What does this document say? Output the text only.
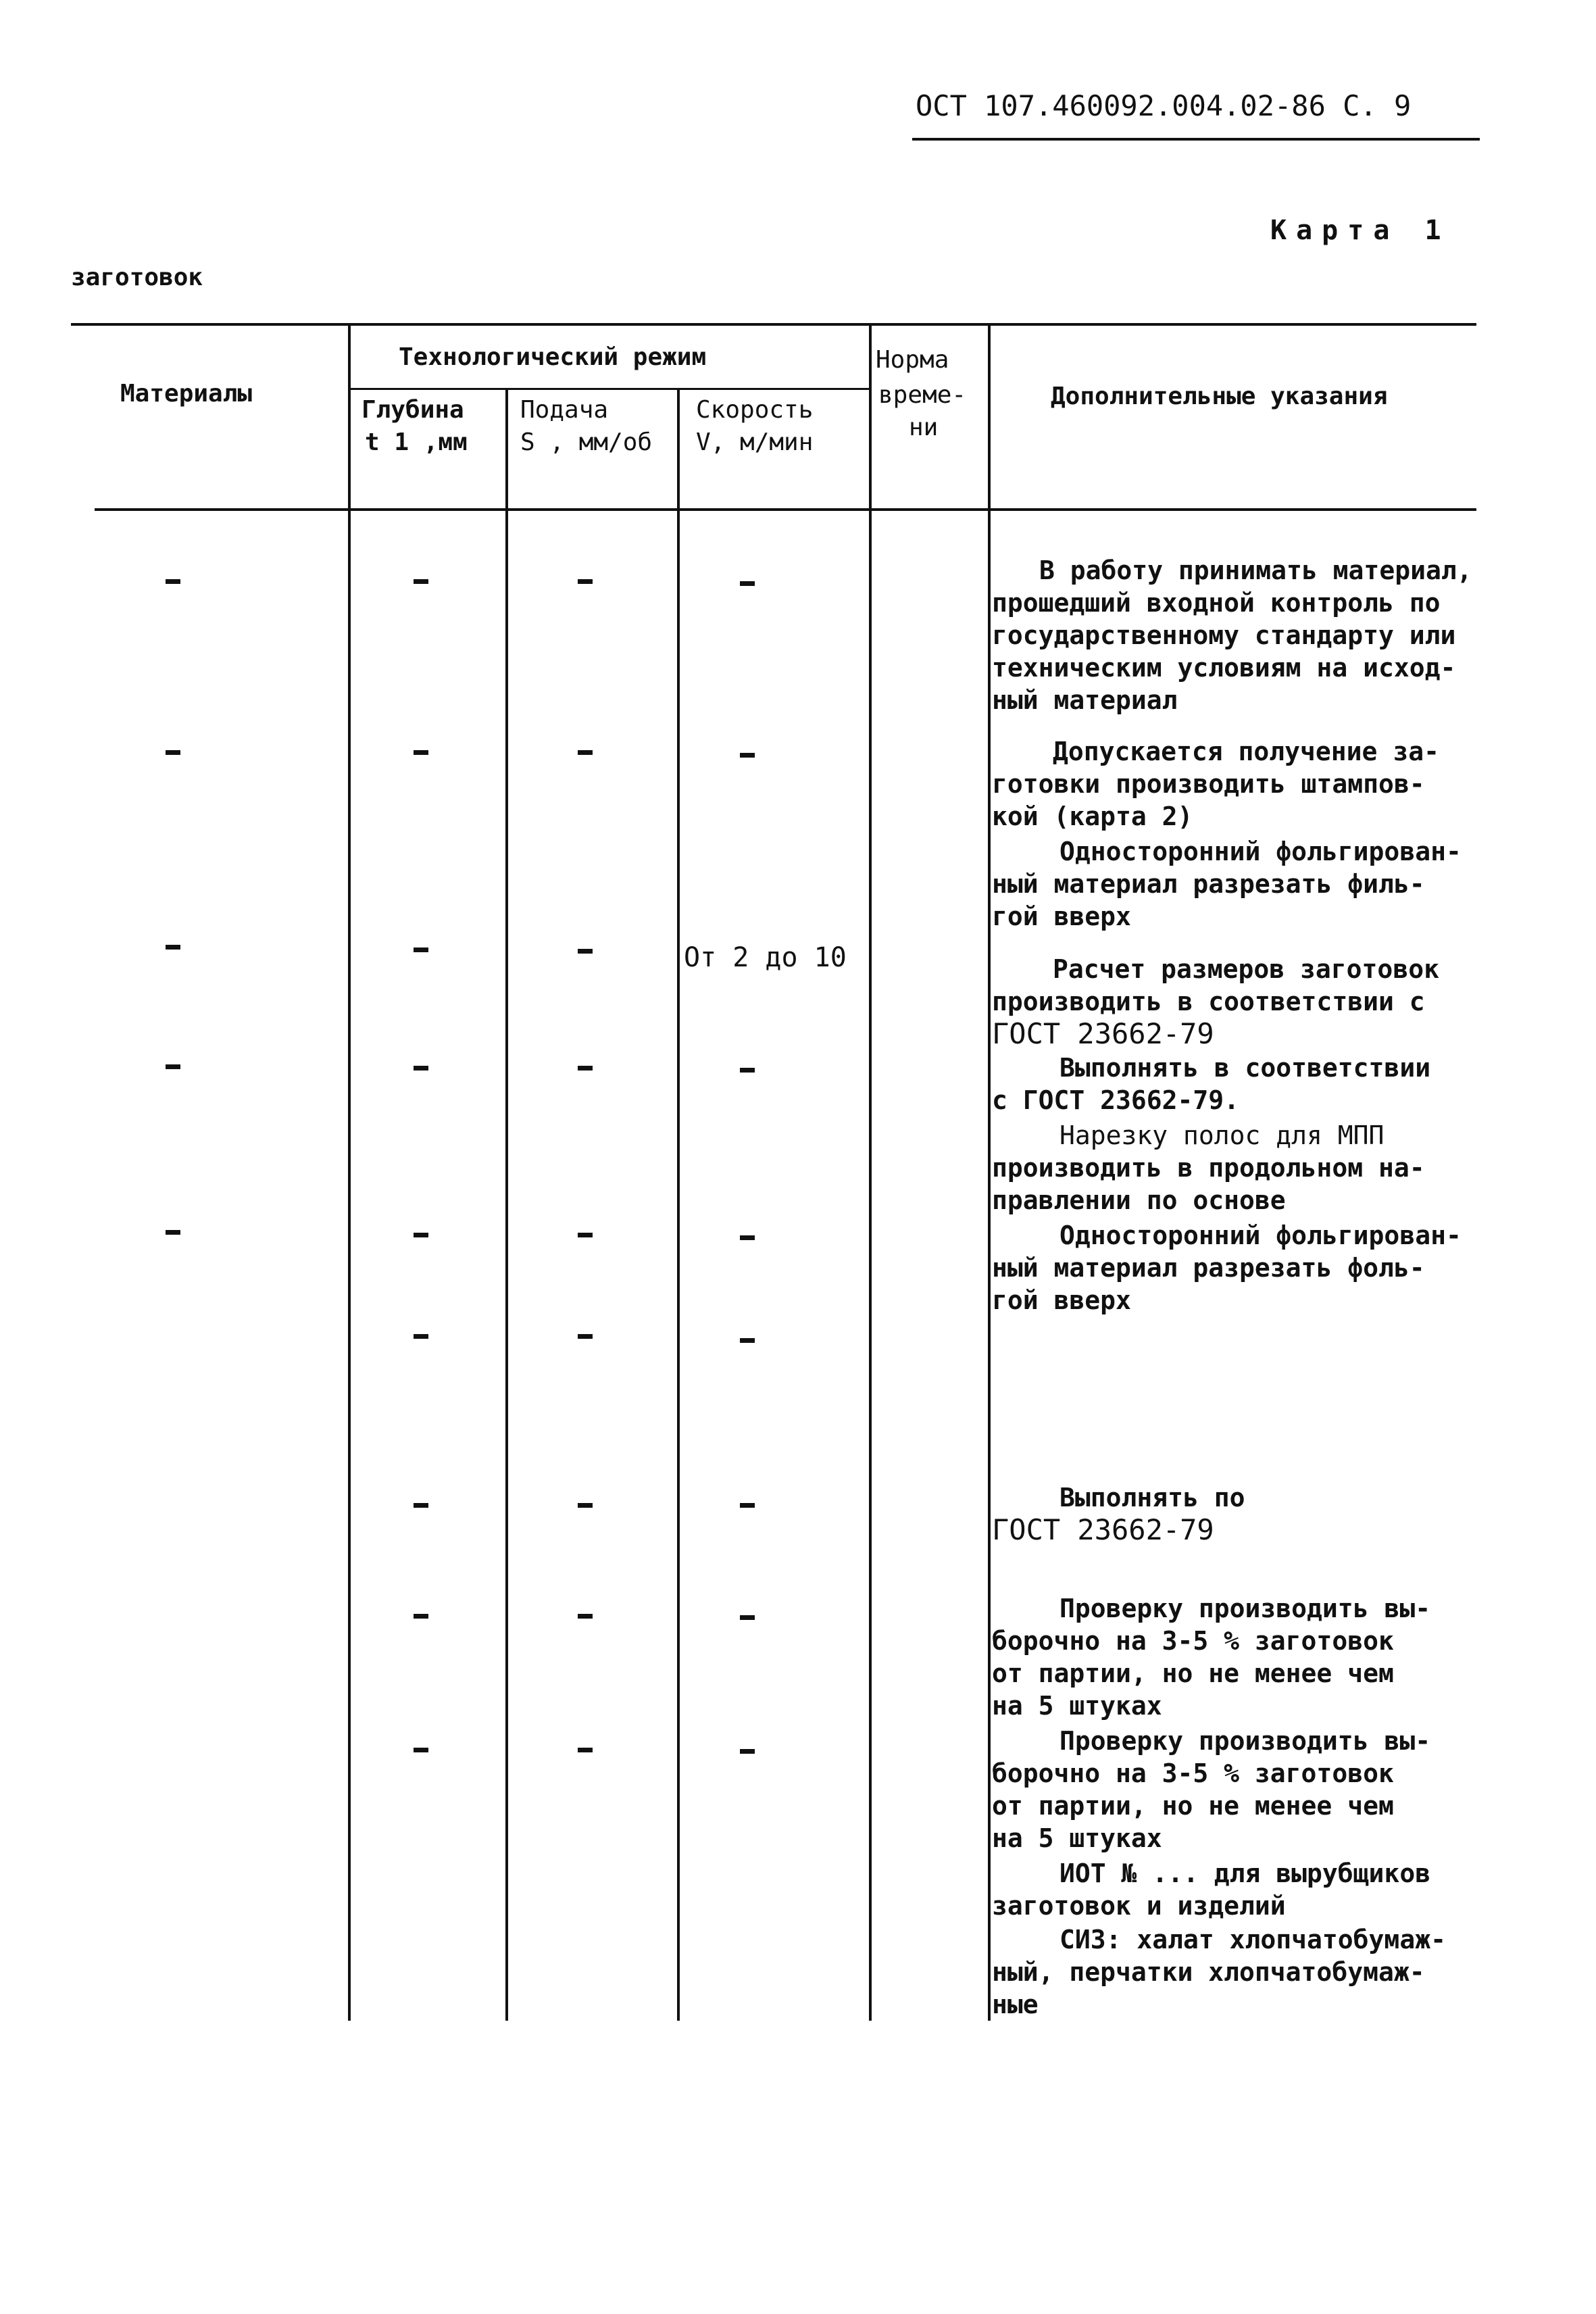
ОСТ 107.460092.004.02-86 С. 9
Карта 1
заготовок
Материалы
Технологический режим
Глубина
t 1 ,мм
Подача
S , мм/об
Скорость
V, м/мин
Норма
време-
ни
Дополнительные указания
От 2 до 10

В работу принимать материал,

прошедший входной контроль по

государственному стандарту или

техническим условиям на исход-

ный материал

Допускается получение за-

готовки производить штампов-

кой (карта 2)

Односторонний фольгирован-

ный материал разрезать филь-

гой вверх

Расчет размеров заготовок

производить в соответствии с

ГОСТ 23662-79

Выполнять в соответствии

с ГОСТ 23662-79.

Нарезку полос для МПП

производить в продольном на-

правлении по основе

Односторонний фольгирован-

ный материал разрезать фоль-

гой вверх

Выполнять по

ГОСТ 23662-79

Проверку производить вы-

борочно на 3-5 % заготовок

от партии, но не менее чем

на 5 штуках

Проверку производить вы-

борочно на 3-5 % заготовок

от партии, но не менее чем

на 5 штуках

ИОТ № ... для вырубщиков

заготовок и изделий

СИЗ: халат хлопчатобумаж-

ный, перчатки хлопчатобумаж-

ные
